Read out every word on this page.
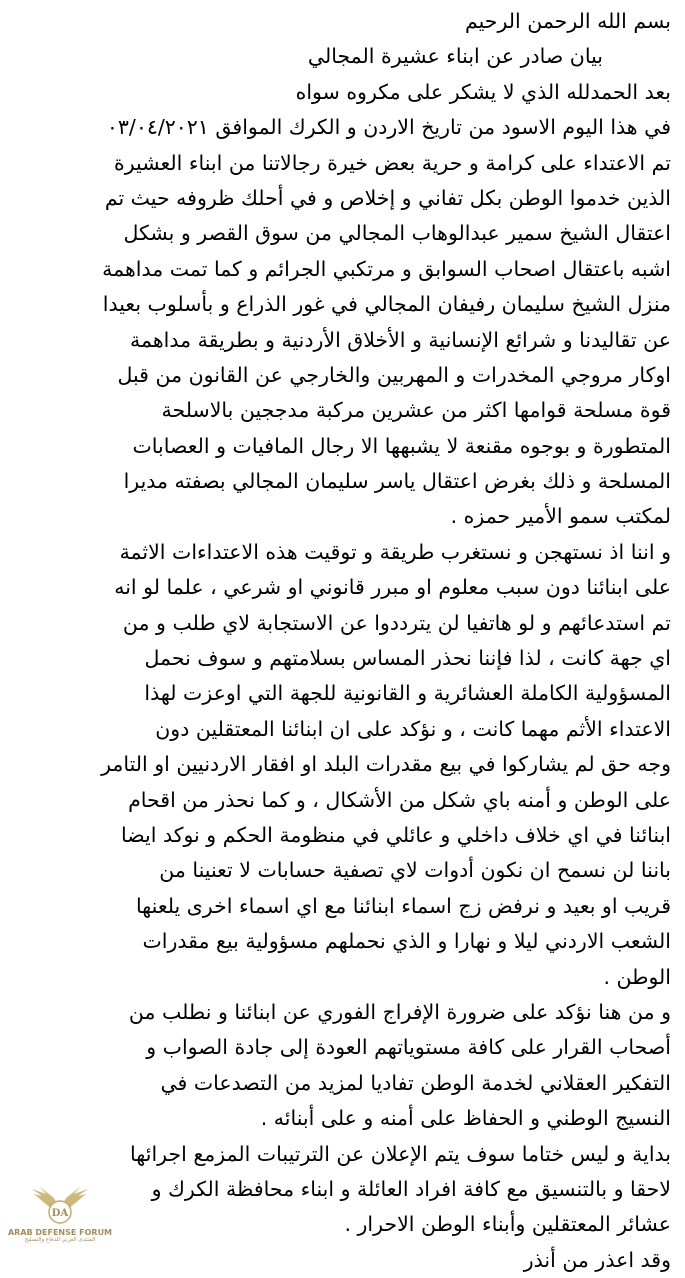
بسم الله الرحمن الرحيم
بيان صادر عن ابناء عشيرة المجالي
بعد الحمدلله الذي لا يشكر على مكروه سواه
في هذا اليوم الاسود من تاريخ الاردن و الكرك الموافق ٠٣/٠٤/٢٠٢١
تم الاعتداء على كرامة و حرية بعض خيرة رجالاتنا من ابناء العشيرة
الذين خدموا الوطن بكل تفاني و إخلاص و في أحلك ظروفه حيث تم
اعتقال الشيخ سمير عبدالوهاب المجالي من سوق القصر و بشكل
اشبه باعتقال اصحاب السوابق و مرتكبي الجرائم و كما تمت مداهمة
منزل الشيخ سليمان رفيفان المجالي في غور الذراع و بأسلوب بعيدا
عن تقاليدنا و شرائع الإنسانية و الأخلاق الأردنية و بطريقة مداهمة
اوكار مروجي المخدرات و المهربين والخارجي عن القانون من قبل
قوة مسلحة قوامها اكثر من عشرين مركبة مدججين بالاسلحة
المتطورة و بوجوه مقنعة لا يشبهها الا رجال المافيات و العصابات
المسلحة و ذلك بغرض اعتقال ياسر سليمان المجالي بصفته مديرا
لمكتب سمو الأمير حمزه .
و اننا اذ نستهجن و نستغرب طريقة و توقيت هذه الاعتداءات الاثمة
على ابنائنا دون سبب معلوم او مبرر قانوني او شرعي ، علما لو انه
تم استدعائهم و لو هاتفيا لن يترددوا عن الاستجابة لاي طلب و من
اي جهة كانت ، لذا فإننا نحذر المساس بسلامتهم و سوف نحمل
المسؤولية الكاملة العشائرية و القانونية للجهة التي اوعزت لهذا
الاعتداء الأثم مهما كانت ، و نؤكد على ان ابنائنا المعتقلين دون
وجه حق لم يشاركوا في بيع مقدرات البلد او افقار الاردنيين او التامر
على الوطن و أمنه باي شكل من الأشكال ، و كما نحذر من اقحام
ابنائنا في اي خلاف داخلي و عائلي في منظومة الحكم و نوكد ايضا
باننا لن نسمح ان نكون أدوات لاي تصفية حسابات لا تعنينا من
قريب او بعيد و نرفض زج اسماء ابنائنا مع اي اسماء اخرى يلعنها
الشعب الاردني ليلا و نهارا و الذي نحملهم مسؤولية بيع مقدرات
الوطن .
و من هنا نؤكد على ضرورة الإفراج الفوري عن ابنائنا و نطلب من
أصحاب القرار على كافة مستوياتهم العودة إلى جادة الصواب و
التفكير العقلاني لخدمة الوطن تفاديا لمزيد من التصدعات في
النسيج الوطني و الحفاظ على أمنه و على أبنائه .
بداية و ليس ختاما سوف يتم الإعلان عن الترتيبات المزمع اجرائها
لاحقا و بالتنسيق مع كافة افراد العائلة و ابناء محافظة الكرك و
عشائر المعتقلين وأبناء الوطن الاحرار .
وقد اعذر من أنذر
DA
ARAB DEFENSE FORUM
المنتدى العربي للدفاع والتسليح
